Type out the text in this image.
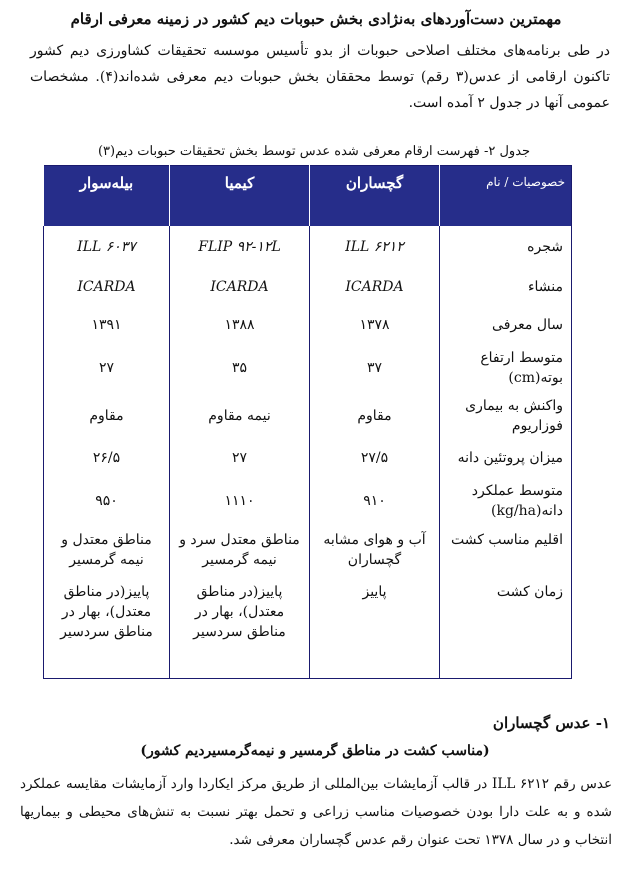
مهمترین دست‌آوردهای به‌نژادی بخش حبوبات دیم کشور در زمینه معرفی ارقام
در طی برنامه‌های مختلف اصلاحی حبوبات از بدو تأسیس موسسه تحقیقات کشاورزی دیم کشور تاکنون ارقامی از عدس(۳ رقم) توسط محققان بخش حبوبات دیم معرفی شده‌اند(۴). مشخصات عمومی آنها در جدول ۲ آمده است.
جدول ۲- فهرست ارقام معرفی شده عدس توسط بخش تحقیقات حبوبات دیم(۳)
خصوصیات / نام	گچساران	کیمیا	بیله‌سوار
شجره	ILL ۶۲۱۲	FLIP ۹۲-۱۲L	ILL ۶۰۳۷
منشاء	ICARDA	ICARDA	ICARDA
سال معرفی	۱۳۷۸	۱۳۸۸	۱۳۹۱
متوسط ارتفاع بوته(cm)	۳۷	۳۵	۲۷
واکنش به بیماری فوزاریوم	مقاوم	نیمه مقاوم	مقاوم
میزان پروتئین دانه	۲۷/۵	۲۷	۲۶/۵
متوسط عملکرد دانه(kg/ha)	۹۱۰	۱۱۱۰	۹۵۰
اقلیم مناسب کشت	آب و هوای مشابه گچساران	مناطق معتدل سرد و نیمه گرمسیر	مناطق معتدل و نیمه گرمسیر
زمان کشت	پاییز	پاییز(در مناطق معتدل)، بهار در مناطق سردسیر	پاییز(در مناطق معتدل)، بهار در مناطق سردسیر
۱- عدس گچساران
(مناسب کشت در مناطق گرمسیر و نیمه‌گرمسیردیم کشور)
عدس رقم ILL ۶۲۱۲ در قالب آزمایشات بین‌المللی از طریق مرکز ایکاردا وارد آزمایشات مقایسه عملکرد شده و به علت دارا بودن خصوصیات مناسب زراعی و تحمل بهتر نسبت به تنش‌های محیطی و بیماریها انتخاب و در سال ۱۳۷۸ تحت عنوان رقم عدس گچساران معرفی شد.
